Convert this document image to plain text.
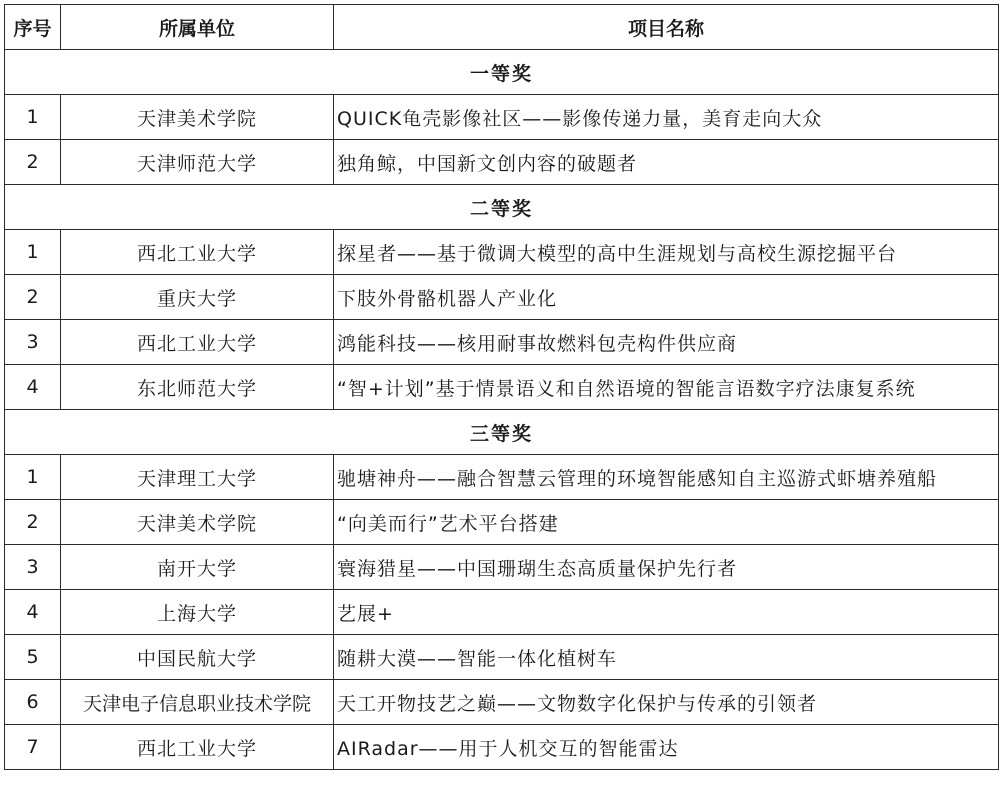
序号	所属单位	项目名称
一等奖		
1	天津美术学院	QUICK龟壳影像社区——影像传递力量，美育走向大众
2	天津师范大学	独角鲸，中国新文创内容的破题者
二等奖		
1	西北工业大学	探星者——基于微调大模型的高中生涯规划与高校生源挖掘平台
2	重庆大学	下肢外骨骼机器人产业化
3	西北工业大学	鸿能科技——核用耐事故燃料包壳构件供应商
4	东北师范大学	“智+计划”基于情景语义和自然语境的智能言语数字疗法康复系统
三等奖		
1	天津理工大学	驰塘神舟——融合智慧云管理的环境智能感知自主巡游式虾塘养殖船
2	天津美术学院	“向美而行”艺术平台搭建
3	南开大学	寰海猎星——中国珊瑚生态高质量保护先行者
4	上海大学	艺展+
5	中国民航大学	随耕大漠——智能一体化植树车
6	天津电子信息职业技术学院	天工开物技艺之巅——文物数字化保护与传承的引领者
7	西北工业大学	AIRadar——用于人机交互的智能雷达
